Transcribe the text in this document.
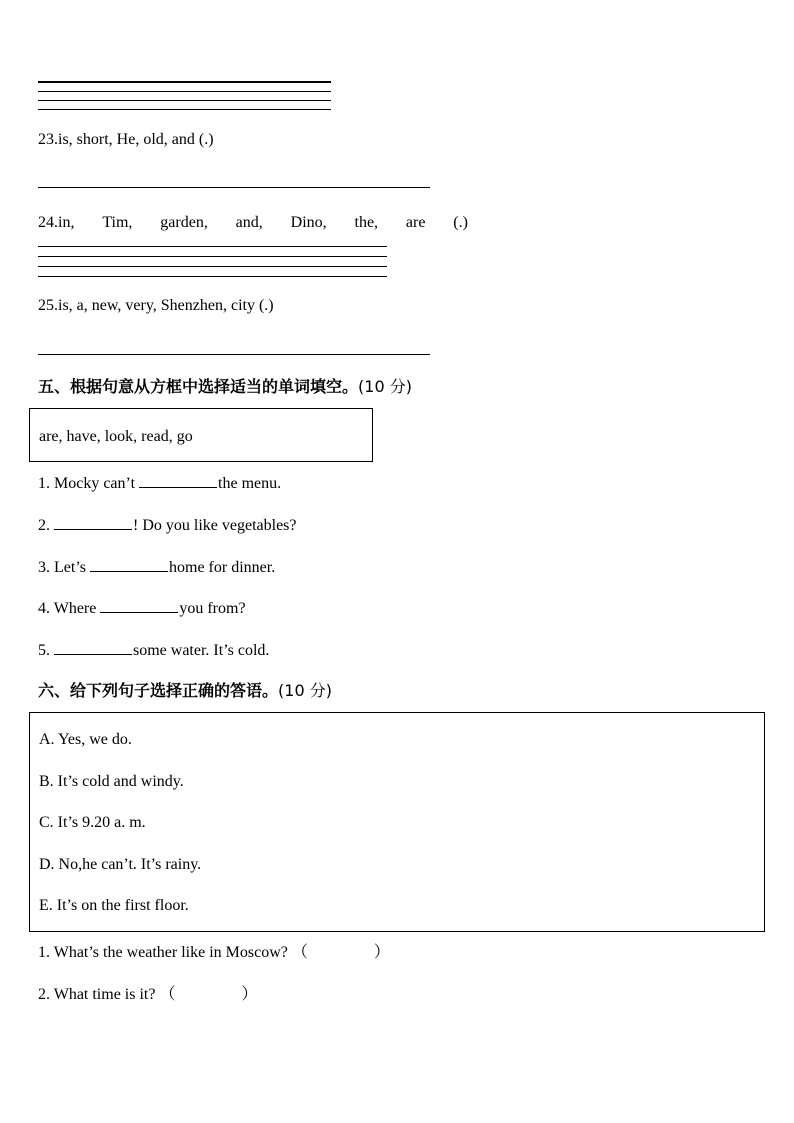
23.is, short, He, old, and (.)
24.in, Tim, garden, and, Dino, the, are (.)
25.is, a, new, very, Shenzhen, city (.)
五、根据句意从方框中选择适当的单词填空。(10 分)
are, have, look, read, go
1. Mocky can’t	the menu.
2.	! Do you like vegetables?
3. Let’s	home for dinner.
4. Where	you from?
5.	some water. It’s cold.
六、给下列句子选择正确的答语。(10 分)
A. Yes, we do.
B. It’s cold and windy.
C. It’s 9.20 a. m.
D. No,he can’t. It’s rainy.
E. It’s on the first floor.
1. What’s the weather like in Moscow? （	）
2. What time is it? （	）
